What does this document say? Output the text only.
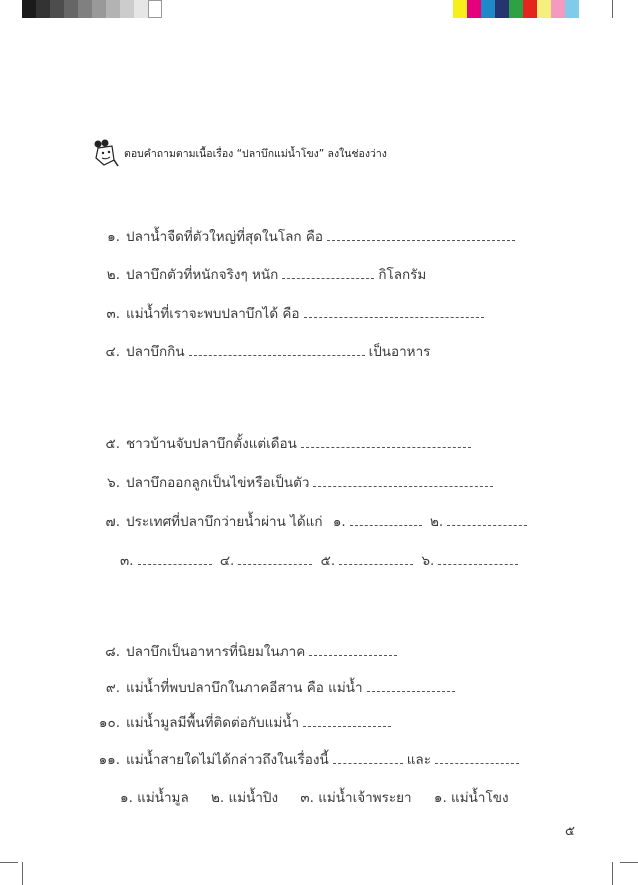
ตอบคำถามตามเนื้อเรื่อง “ปลาบึกแม่น้ำโขง” ลงในช่องว่าง
๑. ปลาน้ำจืดที่ตัวใหญ่ที่สุดในโลก คือ
๒. ปลาบึกตัวที่หนักจริงๆ หนัก	กิโลกรัม
๓. แม่น้ำที่เราจะพบปลาบึกได้ คือ
๔. ปลาบึกกิน	เป็นอาหาร
๕. ชาวบ้านจับปลาบึกตั้งแต่เดือน
๖. ปลาบึกออกลูกเป็นไข่หรือเป็นตัว
๗. ประเทศที่ปลาบึกว่ายน้ำผ่าน ได้แก่ ๑.	๒.
๓.	๔.	๕.	๖.
๘. ปลาบึกเป็นอาหารที่นิยมในภาค
๙. แม่น้ำที่พบปลาบึกในภาคอีสาน คือ แม่น้ำ
๑๐. แม่น้ำมูลมีพื้นที่ติดต่อกับแม่น้ำ
๑๑. แม่น้ำสายใดไม่ได้กล่าวถึงในเรื่องนี้	และ
๑. แม่น้ำมูล ๒. แม่น้ำปิง ๓. แม่น้ำเจ้าพระยา ๑. แม่น้ำโขง
๕
